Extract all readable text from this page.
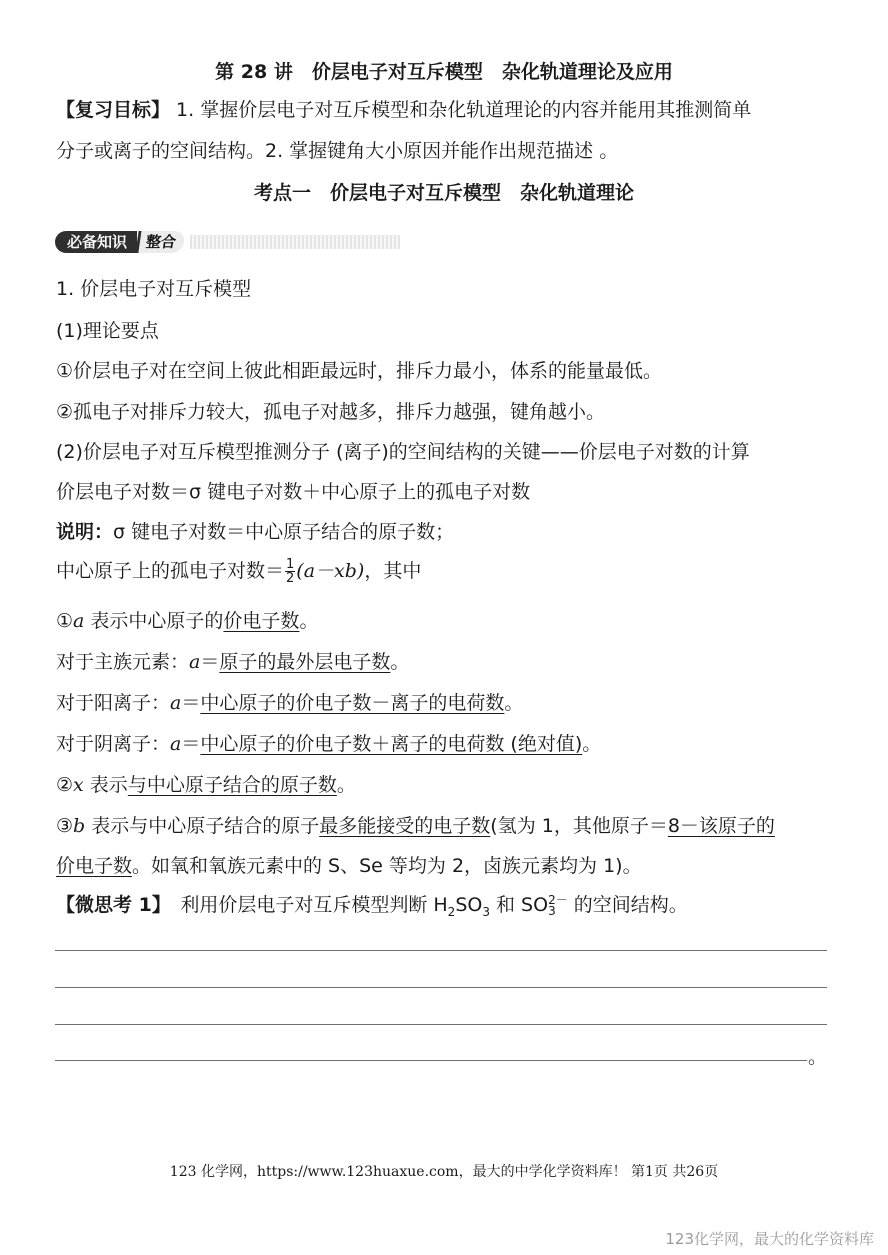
第 28 讲　价层电子对互斥模型　杂化轨道理论及应用
【复习目标】 1. 掌握价层电子对互斥模型和杂化轨道理论的内容并能用其推测简单
分子或离子的空间结构。2. 掌握键角大小原因并能作出规范描述 。
考点一　价层电子对互斥模型　杂化轨道理论
必备知识	整合
1. 价层电子对互斥模型
(1)理论要点
①价层电子对在空间上彼此相距最远时，排斥力最小，体系的能量最低。
②孤电子对排斥力较大，孤电子对越多，排斥力越强，键角越小。
(2)价层电子对互斥模型推测分子 (离子)的空间结构的关键——价层电子对数的计算
价层电子对数＝σ 键电子对数＋中心原子上的孤电子对数
说明：σ 键电子对数＝中心原子结合的原子数；
中心原子上的孤电子对数＝ $\frac{1}{2} (a-xb)$，其中
①a 表示中心原子的价电子数。
对于主族元素：a＝原子的最外层电子数。
对于阳离子：a＝中心原子的价电子数－离子的电荷数。
对于阴离子：a＝中心原子的价电子数＋离子的电荷数 (绝对值)。
②x 表示与中心原子结合的原子数。
③b 表示与中心原子结合的原子最多能接受的电子数(氢为 1，其他原子＝8－该原子的
价电子数。如氧和氧族元素中的 S、Se 等均为 2，卤族元素均为 1)。
【微思考 1】　利用价层电子对互斥模型判断 $H_2SO_3$ 和 SO 2－
3 的空间结构。
。
123 化学网，https://www.123huaxue.com，最大的中学化学资料库！ 第1页 共26页
123化学网，最大的化学资料库
